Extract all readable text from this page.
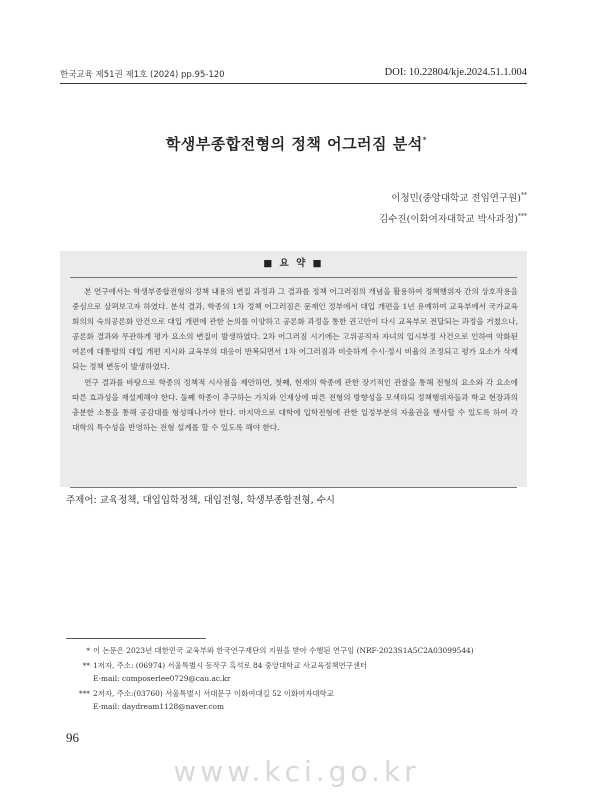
한국교육 제51권 제1호 (2024) pp.95-120	DOI: 10.22804/kje.2024.51.1.004
학생부종합전형의 정책 어그러짐 분석*
이청민(중앙대학교 전임연구원)**
김수진(이화여자대학교 박사과정)***
■ 요 약 ■

본 연구에서는 학생부종합전형의 정책 내용의 변질 과정과 그 결과를 정책 어그러짐의 개념을 활용하여 정책행위자 간의 상호작용을 중심으로 살펴보고자 하였다. 분석 결과, 학종의 1차 정책 어그러짐은 문재인 정부에서 대입 개편을 1년 유예하여 교육부에서 국가교육회의의 숙의공론화 안건으로 대입 개편에 관한 논의를 이양하고 공론화 과정을 통한 권고안이 다시 교육부로 전달되는 과정을 거쳤으나, 공론화 결과와 무관하게 평가 요소의 변질이 발생하였다. 2차 어그러짐 시기에는 고위공직자 자녀의 입시부정 사건으로 인하여 악화된 여론에 대통령의 대입 개편 지시와 교육부의 대응이 반복되면서 1차 어그러짐과 비슷하게 수시·정시 비율의 조정되고 평가 요소가 삭제되는 정책 변동이 발생하였다.

연구 결과를 바탕으로 학종의 정책적 시사점을 제안하면, 첫째, 현재의 학종에 관한 장기적인 관찰을 통해 전형의 요소와 각 요소에 따른 효과성을 재설계해야 한다. 둘째 학종이 추구하는 가치와 인재상에 따른 전형의 방향성을 모색하되 정책행위자들과 학교 현장과의 충분한 소통을 통해 공감대를 형성해나가야 한다. 마지막으로 대학에 입학전형에 관한 일정부분의 자율권을 행사할 수 있도록 하여 각 대학의 특수성을 반영하는 전형 설계를 할 수 있도록 해야 한다.

주제어: 교육정책, 대입입학정책, 대입전형, 학생부종합전형, 수시
* 이 논문은 2023년 대한민국 교육부와 한국연구재단의 지원을 받아 수행된 연구임 (NRF-2023S1A5C2A03099544)
** 1저자, 주소: (06974) 서울특별시 동작구 흑석로 84 중앙대학교 사교육정책연구센터
E-mail: composerlee0729@cau.ac.kr
*** 2저자, 주소:(03760) 서울특별시 서대문구 이화여대길 52 이화여자대학교
E-mail: daydream1128@naver.com
96
www.kci.go.kr
